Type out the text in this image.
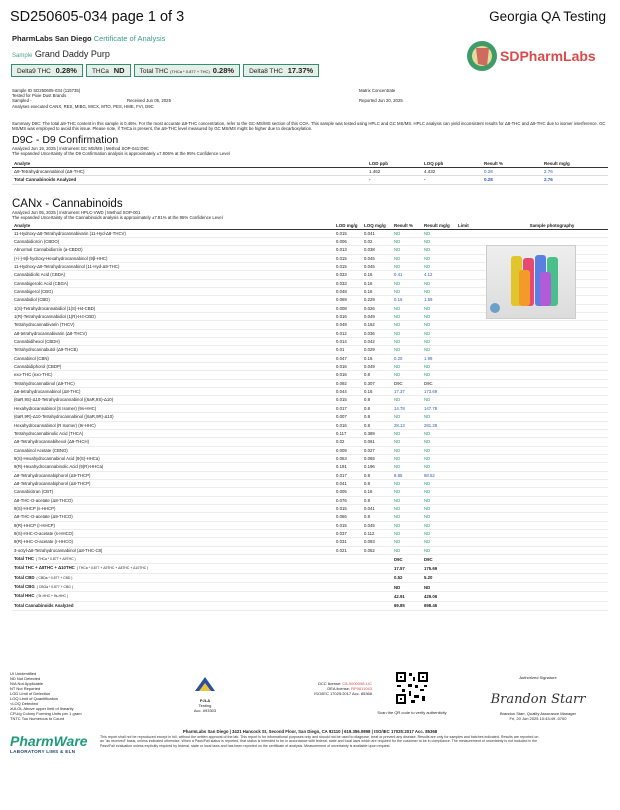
SD250605-034 page 1 of 3	Georgia QA Testing
PharmLabs San Diego Certificate of Analysis
Sample Grand Daddy Purp
Delta9 THC 0.28%	THCa ND	Total THC (THCa * 0.877 + THC) 0.28%	Delta8 THC 17.37%
SDPharmLabs
Sample ID SD250605-034 (115735)	Matrix Concentrate
Tested for Pixie Dust Brands
Sampled -	Received Jun 05, 2025	Reported Jun 20, 2025
Analyses executed CANX, RES, MIBG, MICX, MTO, PES, HME, FVI, D9C
Summary D9C: The total Δ9-THC content in this sample is 0.46%. For the most accurate Δ9-THC concentration, refer to the GC-MS/MS section of this COA. This sample was tested using HPLC and GC MS/MS. HPLC analysis can yield inconsistent results for Δ8-THC and Δ9-THC due to isomer interference. GC MS/MS was employed to avoid this issue. Please note, if THCa is present, the Δ9-THC level measured by GC MS/MS might be higher due to decarboxylation.
D9C - D9 Confirmation
Analyzed Jun 19, 2025 | Instrument GC MS/MS | Method SOP-041:D9C
The expanded Uncertainty of the D9 Confirmation analysis is approximately ±7.806% at the 95% Confidence Level
Analyte	LOD ppb	LOQ ppb	Result %	Result mg/g
Δ9-Tetrahydrocannabinol (Δ9-THC)	1.462	4.432	0.28	2.76
Total Cannabinoids Analyzed	-	-	0.28	2.76
CANx - Cannabinoids
Analyzed Jun 05, 2025 | Instrument HPLC-VWD | Method SOP-001
The expanded Uncertainty of the Cannabinoids analysis is approximately ±7.81% at the 95% Confidence Level
Analyte	LOD mg/g	LOQ mg/g	Result %	Result mg/g	Limit	Sample photography
11-Hydroxy-Δ8-Tetrahydrocannabivarin (11-Hyd-Δ8-THCV)	0.015	0.041	ND	ND		
Cannabidiorcin (CBDO)	0.006	0.02	ND	ND		
Abnormal Cannabidiorcin (a-CBDO)	0.013	0.038	ND	ND		
(+/-)-9β-hydroxy-Hexahydrocannabinol (9β-HHC)	0.015	0.045	ND	ND		
11-Hydroxy-Δ9-Tetrahydrocannabinol (11-Hyd-Δ9-THC)	0.015	0.045	ND	ND		
Cannabidiolic Acid (CBDA)	0.033	0.16	0.41	4.12		
Cannabigerolic Acid (CBGA)	0.033	0.16	ND	ND		
Cannabigerol (CBG)	0.048	0.16	ND	ND		
Cannabidiol (CBD)	0.069	0.229	0.16	1.59		
1(S)-Tetrahydrocannabidiol (1(S)-H4-CBD)	0.008	0.026	ND	ND		
1(R)-Tetrahydrocannabidiol (1(R)-H4-CBD)	0.016	0.049	ND	ND		
Tetrahydrocannabivarin (THCV)	0.049	0.162	ND	ND		
Δ8-tetrahydrocannabivarin (Δ8-THCV)	0.012	0.036	ND	ND		
Cannabidihexol (CBDH)	0.014	0.042	ND	ND		
Tetrahydrocannabutol (Δ9-THCB)	0.01	0.029	ND	ND		
Cannabinol (CBN)	0.047	0.16	0.20	1.99		
Cannabidiphorol (CBDP)	0.016	0.049	ND	ND		
exo-THC (exo-THC)	0.016	0.8	ND	ND		
Tetrahydrocannabinol (Δ9-THC)	0.092	0.307	D9C	D9C		
Δ8-tetrahydrocannabinol (Δ8-THC)	0.044	0.16	17.37	173.69		
(6aR,9S)-Δ10-Tetrahydrocannabinol ((6aR,9S)-Δ10)	0.015	0.8	ND	ND		
Hexahydrocannabinol (S Isomer) (9s-HHC)	0.017	0.8	14.78	147.78		
(6aR,9R)-Δ10-Tetrahydrocannabinol ((6aR,9R)-Δ10)	0.007	0.8	ND	ND		
Hexahydrocannabinol (R Isomer) (9r-HHC)	0.016	0.8	28.13	281.28		
Tetrahydrocannabinolic Acid (THCA)	0.117	0.389	ND	ND		
Δ9-Tetrahydrocannabihexol (Δ9-THCH)	0.02	0.061	ND	ND		
Cannabinol Acetate (CBNO)	0.009	0.027	ND	ND		
9(S)-Hexahydrocannabinol Acid (9(S)-HHCa)	0.063	0.065	ND	ND		
9(R)-Hexahydrocannabinolic Acid (9(R)-HHCa)	0.191	0.196	ND	ND		
Δ9-Tetrahydrocannabiphorol (Δ9-THCP)	0.017	0.8	8.85	88.52		
Δ8-Tetrahydrocannabiphorol (Δ8-THCP)	0.041	0.8	ND	ND		
Cannabicitran (CBT)	0.005	0.16	ND	ND		
Δ8-THC-O-acetate (Δ8-THCO)	0.076	0.8	ND	ND		
9(S)-HHCP (s-HHCP)	0.015	0.041	ND	ND		
Δ9-THC-O-acetate (Δ9-THCO)	0.066	0.8	ND	ND		
9(R)-HHCP (r-HHCP)	0.015	0.045	ND	ND		
9(S)-HHC-O-acetate (s-HHCO)	0.037	0.112	ND	ND		
9(R)-HHC-O-acetate (r-HHCO)	0.031	0.093	ND	ND		
3-octyl-Δ8-Tetrahydrocannabinol (Δ8-THC-C8)	0.021	0.062	ND	ND		
Total THC ( THCa * 0.877 + Δ9THC )			D9C	D9C		
Total THC + Δ8THC + Δ10THC ( THCa * 0.877 + Δ9THC + Δ8THC + Δ10THC )			17.57	175.69		
Total CBD ( CBDa * 0.877 + CBD )			0.52	5.20		
Total CBG ( CBGa * 0.877 + CBG )			ND	ND		
Total HHC ( 9r-HHC + 9s-HHC )			42.91	429.06		
Total Cannabinoids Analyzed			69.85	698.46		
UI Unidentified
ND Not Detected
N/A Not Applicable
NT Not Reported
LOD Limit of Detection
LOQ Limit of Quantification
<LOQ Detected
≥ULOL Above upper limit of linearity
CFU/g Colony Forming Units per 1 gram
TNTC Too Numerous to Count
PJLA
Testing
Acc. #93303
DCC license: C8-0000098-LIC
DEA license: RP0611043
ISO/IEC 17025:2017 Acc. 85368
Scan the QR code to verify authenticity
Authorized Signature
Brandon Starr
Brandon Starr, Quality Assurance Manager
Fri, 20 Jun 2025 10:43:49 -0700
PharmWare
LABORATORY LIMS & ELN
PharmLabs San Diego | 3421 Hancock St, Second Floor, San Diego, CA 92110 | 619.356.0898 | ISO/IEC 17025:2017 Acc. 85368
This report shall not be reproduced except in full, without the written approval of the lab. This report is for informational purposes only and should not be used to diagnose, treat or prevent any disease. Results are only for samples and batches indicated. Results are reported on an "as received" basis, unless indicated otherwise. When a Pass/Fail status is reported, that status is intended to be in accordance with federal, state and local laws which are required for the customer to be in compliance. The measurement of uncertainty is not included in the Pass/Fail evaluation unless explicitly required by federal, state or local laws and has been reported on the certificate of analysis. Measurement of uncertainty is available upon request.
